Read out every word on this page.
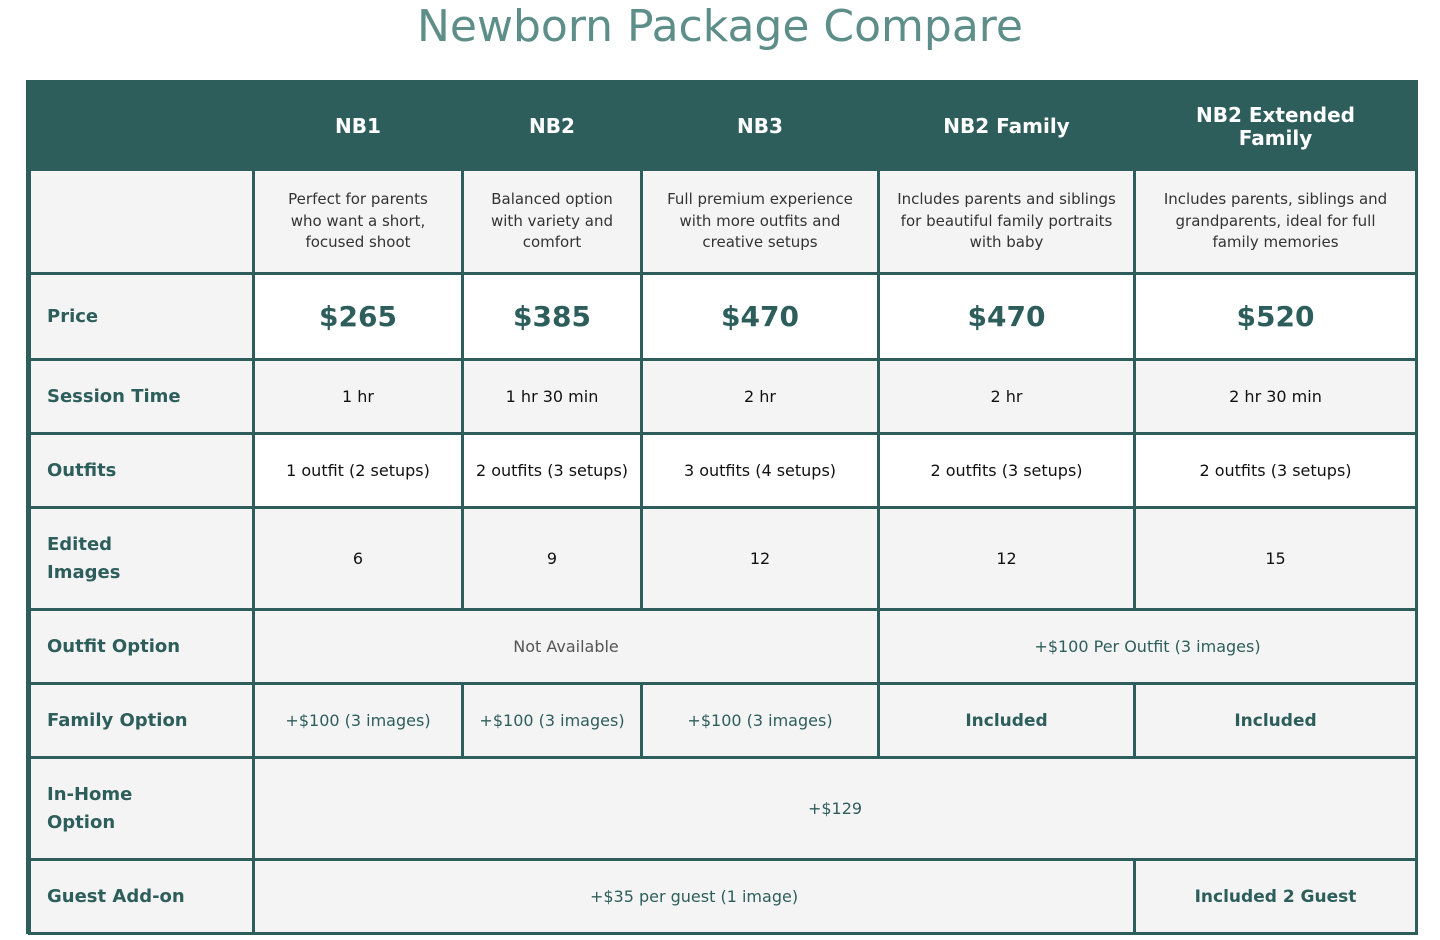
Newborn Package Compare
	NB1	NB2	NB3	NB2 Family	NB2 Extended Family
	Perfect for parents who want a short, focused shoot	Balanced option with variety and comfort	Full premium experience with more outfits and creative setups	Includes parents and siblings for beautiful family portraits with baby	Includes parents, siblings and grandparents, ideal for full family memories
Price	$265	$385	$470	$470	$520
Session Time	1 hr	1 hr 30 min	2 hr	2 hr	2 hr 30 min
Outfits	1 outfit (2 setups)	2 outfits (3 setups)	3 outfits (4 setups)	2 outfits (3 setups)	2 outfits (3 setups)
Edited Images	6	9	12	12	15
Outfit Option	Not Available			+$100 Per Outfit (3 images)	
Family Option	+$100 (3 images)	+$100 (3 images)	+$100 (3 images)	Included	Included
In-Home Option	+$129				
Guest Add-on	+$35 per guest (1 image)				Included 2 Guest
